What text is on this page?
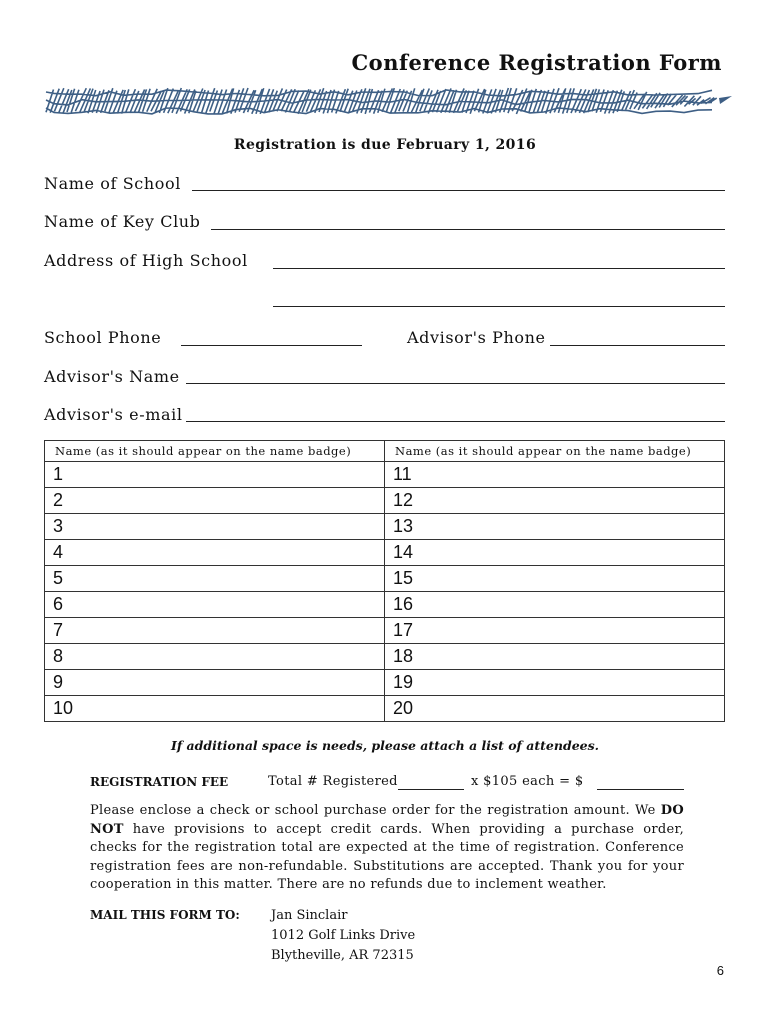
Conference Registration Form
Registration is due February 1, 2016
Name of School
Name of Key Club
Address of High School
School Phone	Advisor's Phone
Advisor's Name
Advisor's e-mail
Name (as it should appear on the name badge)	Name (as it should appear on the name badge)
1	11
2	12
3	13
4	14
5	15
6	16
7	17
8	18
9	19
10	20
If additional space is needs, please attach a list of attendees.
REGISTRATION FEE	Total # Registered	x $105 each = $
Please enclose a check or school purchase order for the registration amount. We DO NOT have provisions to accept credit cards. When providing a purchase order, checks for the registration total are expected at the time of registration. Conference registration fees are non-refundable. Substitutions are accepted. Thank you for your cooperation in this matter. There are no refunds due to inclement weather.
MAIL THIS FORM TO: Jan Sinclair
1012 Golf Links Drive
Blytheville, AR 72315
6
